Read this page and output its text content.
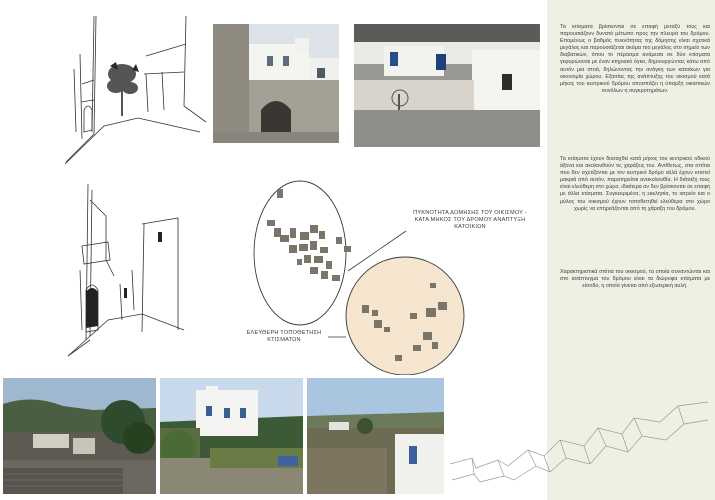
Τα κτίσματα βρίσκονται σε επαφή μεταξύ τους και παρουσιάζουν δυνατό μέτωπο προς την πλευρά του δρόμου. Επομένως ο βαθμός πυκνότητας της δόμησης είναι σχετικά μεγάλος και παρουσιάζεται ακόμα πιο μεγάλος στο σημείο των διαβατικών, όπου το πέρασμα ανάμεσα σε δύο κτίσματα γεφυρώνεται με έναν κτηριακό όγκο, δημιουργώντας κάτω από αυτόν μια στοά, δηλώνοντας την ανάγκη των κατοίκων για οικονομία χώρου. Εξαιτίας της ανάπτυξης του οικισμού κατά μήκος του κεντρικού δρόμου αποσπάζει η ύπαρξη οικιστικών συνόλων η συγκροτημάτων.
Τα κτίσματα έχουν διαταχθεί κατά μήκος του κεντρικού οδικού άξονα και ακολουθούν τις χαράξεις του. Αντίθετως, στα σπίτια που δεν σχετίζονται με τον κεντρικό δρόμο αλλά έχουν κτιστεί μακριά από αυτόν, παρατηρείται ανακολουθία. Η διάταξη τους είναι ελεύθερη στο χώρο, ιδιαίτερα αν δεν βρίσκονται σε επαφή με άλλα κτίσματα. Συγκεκριμένα, η εκκλησία, το ιατρείο και ο μύλος του οικισμού έχουν τοποθετηθεί ελεύθερα στο χώρο χωρίς να επηρεάζονται από τη χάραξη του δρόμου.
Χαρακτηριστικά σπίτια του οικισμού, τα οποία συναντώνται και στο ανάπτυγμα του δρόμου είναι τα διώροφα κτίσματα με είσοδο, η οποία γίνεται από εξωτερική αυλή.
ΠΥΚΝΟΤΗΤΑ ΔΟΜΗΣΗΣ ΤΟΥ ΟΙΚΙΣΜΟΥ - ΚΑΤΑ ΜΗΚΟΣ ΤΟΥ ΔΡΟΜΟΥ ΑΝΑΠΤΥΞΗ ΚΑΤΟΙΚΙΩΝ
ΕΛΕΥΘΕΡΗ ΤΟΠΟΘΕΤΗΣΗ ΚΤΙΣΜΑΤΩΝ
